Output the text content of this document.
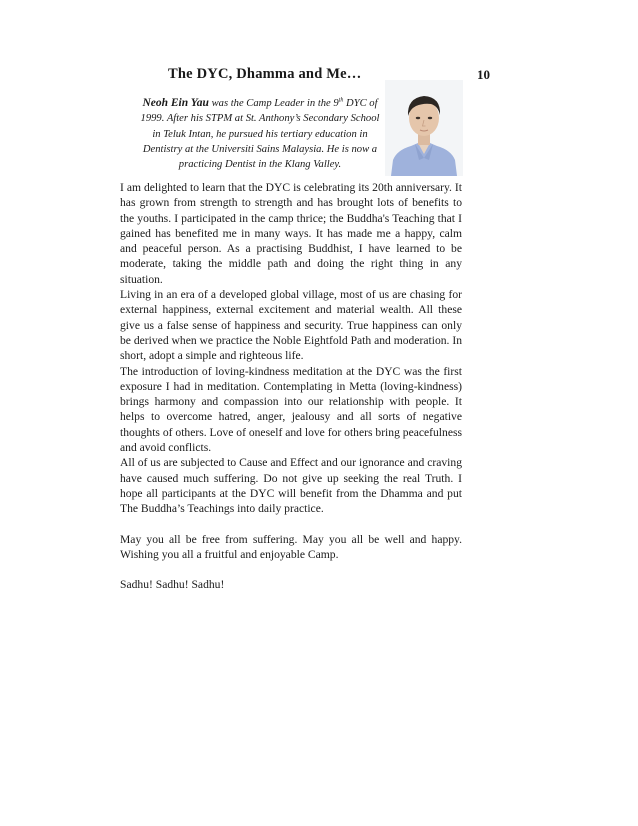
The DYC, Dhamma and Me…	10
Neoh Ein Yau was the Camp Leader in the 9th DYC of 1999. After his STPM at St. Anthony’s Secondary School in Teluk Intan, he pursued his tertiary education in Dentistry at the Universiti Sains Malaysia. He is now a practicing Dentist in the Klang Valley.

I am delighted to learn that the DYC is celebrating its 20th anniversary. It has grown from strength to strength and has brought lots of benefits to the youths. I participated in the camp thrice; the Buddha's Teaching that I gained has benefited me in many ways. It has made me a happy, calm and peaceful person. As a practising Buddhist, I have learned to be moderate, taking the middle path and doing the right thing in any situation.

Living in an era of a developed global village, most of us are chasing for external happiness, external excitement and material wealth. All these give us a false sense of happiness and security. True happiness can only be derived when we practice the Noble Eightfold Path and moderation. In short, adopt a simple and righteous life.

The introduction of loving-kindness meditation at the DYC was the first exposure I had in meditation. Contemplating in Metta (loving-kindness) brings harmony and compassion into our relationship with people. It helps to overcome hatred, anger, jealousy and all sorts of negative thoughts of others. Love of oneself and love for others bring peacefulness and avoid conflicts.

All of us are subjected to Cause and Effect and our ignorance and craving have caused much suffering. Do not give up seeking the real Truth. I hope all participants at the DYC will benefit from the Dhamma and put The Buddha’s Teachings into daily practice.

May you all be free from suffering. May you all be well and happy. Wishing you all a fruitful and enjoyable Camp.

Sadhu! Sadhu! Sadhu!
